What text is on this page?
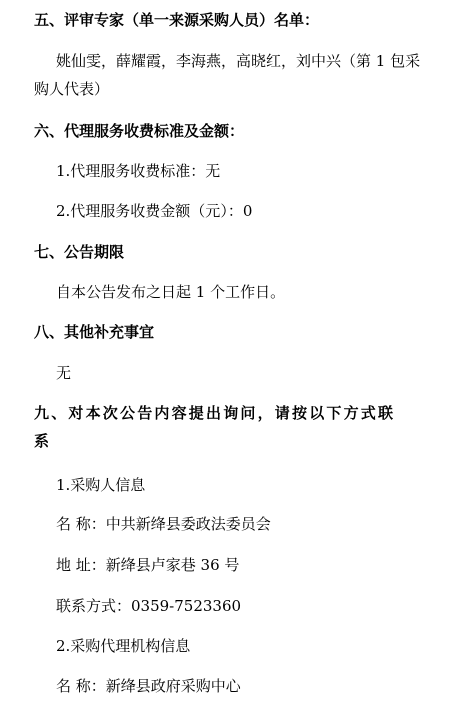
五、评审专家（单一来源采购人员）名单：
姚仙雯，薛耀霞，李海燕，高晓红，刘中兴（第 1 包采
购人代表）
六、代理服务收费标准及金额：
1.代理服务收费标准：无
2.代理服务收费金额（元）：0
七、公告期限
自本公告发布之日起 1 个工作日。
八、其他补充事宜
无
九、对本次公告内容提出询问，请按以下方式联
系
1.采购人信息
名 称：中共新绛县委政法委员会
地 址：新绛县卢家巷 36 号
联系方式：0359-7523360
2.采购代理机构信息
名 称：新绛县政府采购中心
